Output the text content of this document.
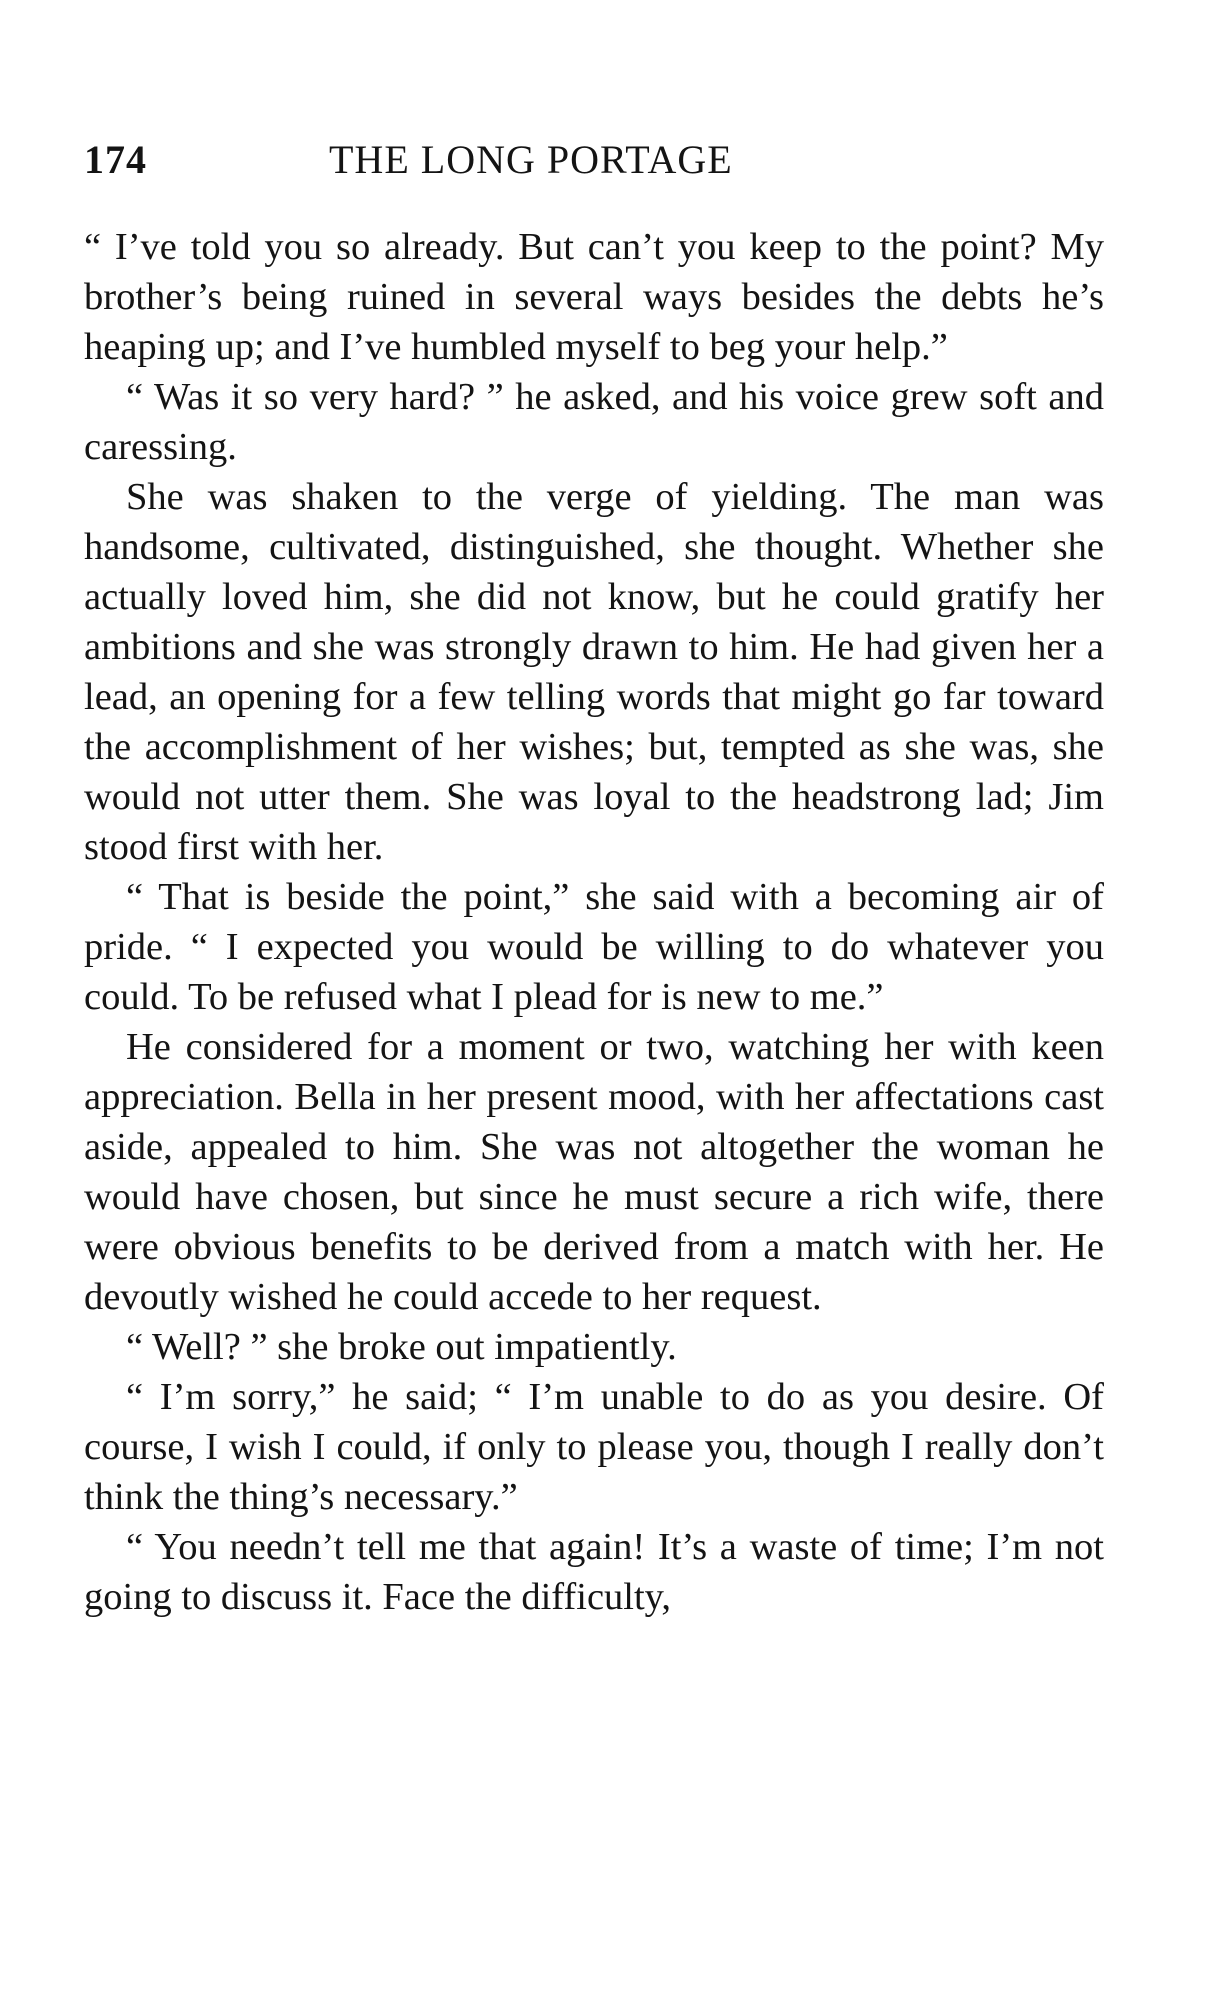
174	THE LONG PORTAGE

“ I’ve told you so already. But can’t you keep to the point? My brother’s being ruined in several ways besides the debts he’s heaping up; and I’ve humbled myself to beg your help.”

“ Was it so very hard? ” he asked, and his voice grew soft and caressing.

She was shaken to the verge of yielding. The man was handsome, cultivated, distinguished, she thought. Whether she actually loved him, she did not know, but he could gratify her ambitions and she was strongly drawn to him. He had given her a lead, an opening for a few telling words that might go far toward the accomplishment of her wishes; but, tempted as she was, she would not utter them. She was loyal to the headstrong lad; Jim stood first with her.

“ That is beside the point,” she said with a becoming air of pride. “ I expected you would be willing to do whatever you could. To be refused what I plead for is new to me.”

He considered for a moment or two, watching her with keen appreciation. Bella in her present mood, with her affectations cast aside, appealed to him. She was not altogether the woman he would have chosen, but since he must secure a rich wife, there were obvious benefits to be derived from a match with her. He devoutly wished he could accede to her request.

“ Well? ” she broke out impatiently.

“ I’m sorry,” he said; “ I’m unable to do as you desire. Of course, I wish I could, if only to please you, though I really don’t think the thing’s necessary.”

“ You needn’t tell me that again! It’s a waste of time; I’m not going to discuss it. Face the difficulty,
